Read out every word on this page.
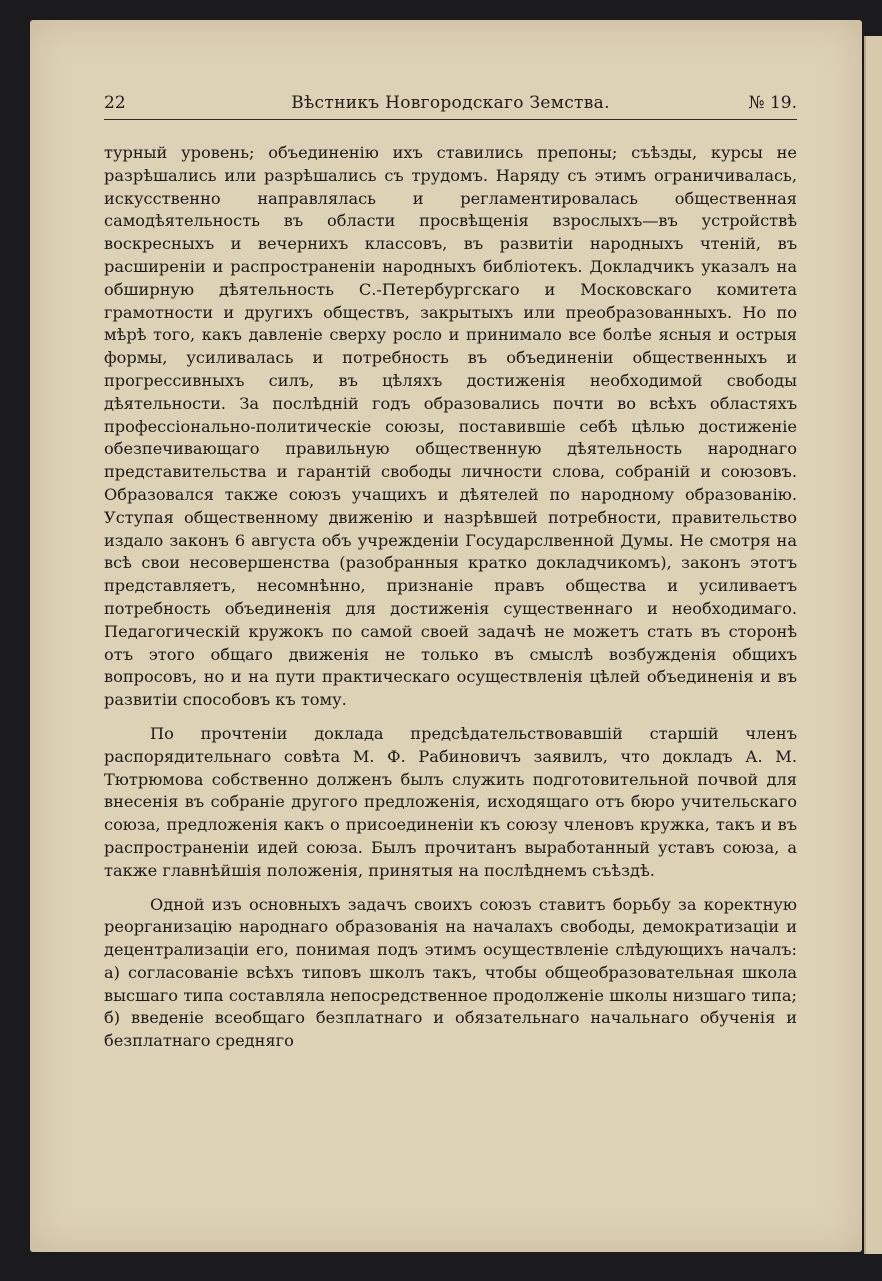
22	Вѣстникъ Новгородскаго Земства.	№ 19.

турный уровень; объединенію ихъ ставились препоны; съѣзды, курсы не разрѣшались или разрѣшались съ трудомъ. Наряду съ этимъ ограничивалась, искусственно направлялась и регламентировалась общественная самодѣятельность въ области просвѣщенія взрослыхъ—въ устройствѣ воскресныхъ и вечернихъ классовъ, въ развитіи народныхъ чтеній, въ расширеніи и распространеніи народныхъ библіотекъ. Докладчикъ указалъ на обширную дѣятельность С.-Петербургскаго и Московскаго комитета грамотности и другихъ обществъ, закрытыхъ или преобразованныхъ. Но по мѣрѣ того, какъ давленіе сверху росло и принимало все болѣе ясныя и острыя формы, усиливалась и потребность въ объединеніи общественныхъ и прогрессивныхъ силъ, въ цѣляхъ достиженія необходимой свободы дѣятельности. За послѣдній годъ образовались почти во всѣхъ областяхъ профессіонально-политическіе союзы, поставившіе себѣ цѣлью достиженіе обезпечивающаго правильную общественную дѣятельность народнаго представительства и гарантій свободы личности слова, собраній и союзовъ. Образовался также союзъ учащихъ и дѣятелей по народному образованію. Уступая общественному движенію и назрѣвшей потребности, правительство издало законъ 6 августа объ учрежденіи Государслвенной Думы. Не смотря на всѣ свои несовершенства (разобранныя кратко докладчикомъ), законъ этотъ представляетъ, несомнѣнно, признаніе правъ общества и усиливаетъ потребность объединенія для достиженія существеннаго и необходимаго. Педагогическій кружокъ по самой своей задачѣ не можетъ стать въ сторонѣ отъ этого общаго движенія не только въ смыслѣ возбужденія общихъ вопросовъ, но и на пути практическаго осуществленія цѣлей объединенія и въ развитіи способовъ къ тому.

По прочтеніи доклада предсѣдательствовавшій старшій членъ распорядительнаго совѣта М. Ф. Рабиновичъ заявилъ, что докладъ А. М. Тютрюмова собственно долженъ былъ служить подготовительной почвой для внесенія въ собраніе другого предложенія, исходящаго отъ бюро учительскаго союза, предложенія какъ о присоединеніи къ союзу членовъ кружка, такъ и въ распространеніи идей союза. Былъ прочитанъ выработанный уставъ союза, а также главнѣйшія положенія, принятыя на послѣднемъ съѣздѣ.

Одной изъ основныхъ задачъ своихъ союзъ ставитъ борьбу за коректную реорганизацію народнаго образованія на началахъ свободы, демократизаціи и децентрализаціи его, понимая подъ этимъ осуществленіе слѣдующихъ началъ: а) согласованіе всѣхъ типовъ школъ такъ, чтобы общеобразовательная школа высшаго типа составляла непосредственное продолженіе школы низшаго типа; б) введеніе всеобщаго безплатнаго и обязательнаго начальнаго обученія и безплатнаго средняго
